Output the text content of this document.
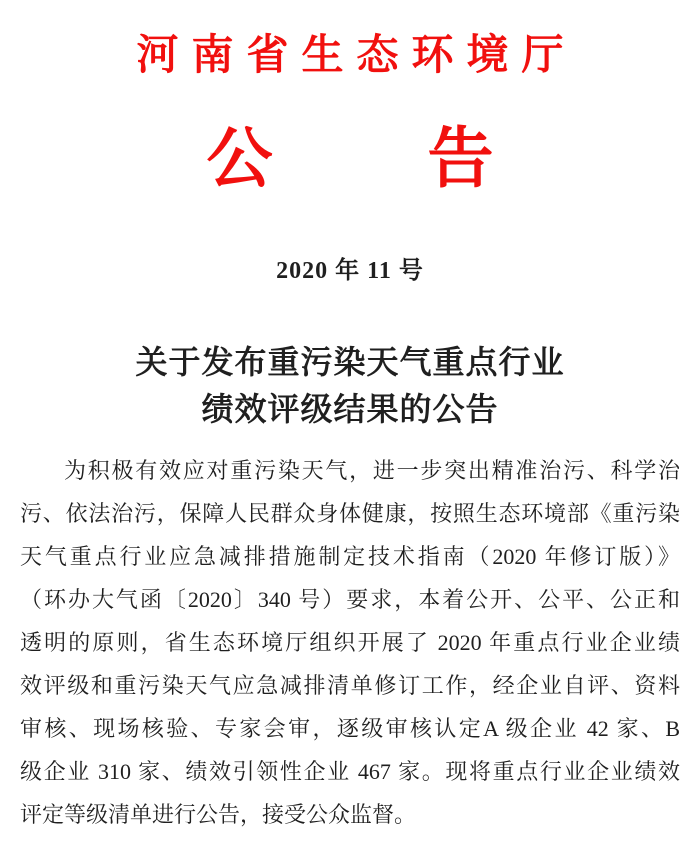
河南省生态环境厅
公 告
2020 年 11 号
关于发布重污染天气重点行业
绩效评级结果的公告
为积极有效应对重污染天气，进一步突出精准治污、科学治
污、依法治污，保障人民群众身体健康，按照生态环境部《重污染
天气重点行业应急减排措施制定技术指南（2020 年修订版）》
（环办大气函〔2020〕340 号）要求，本着公开、公平、公正和
透明的原则，省生态环境厅组织开展了 2020 年重点行业企业绩
效评级和重污染天气应急减排清单修订工作，经企业自评、资料
审核、现场核验、专家会审，逐级审核认定A 级企业 42 家、B
级企业 310 家、绩效引领性企业 467 家。现将重点行业企业绩效
评定等级清单进行公告，接受公众监督。
